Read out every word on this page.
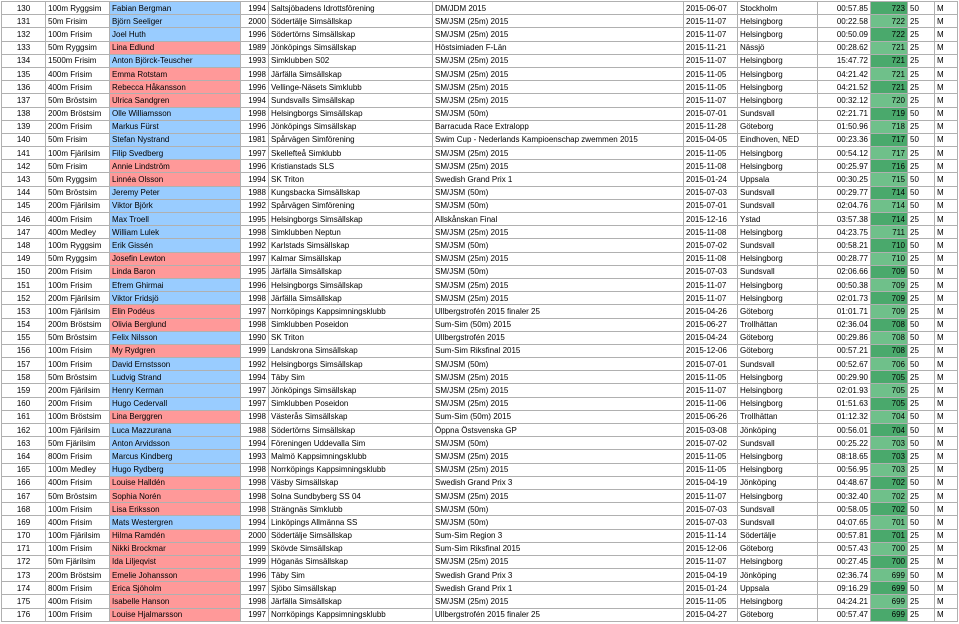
130	100m Ryggsim	Fabian Bergman	1994	Saltsjöbadens Idrottsförening	DM/JDM 2015	2015-06-07	Stockholm	00:57.85	723	50	M
131	50m Frisim	Björn Seeliger	2000	Södertälje Simsällskap	SM/JSM (25m) 2015	2015-11-07	Helsingborg	00:22.58	722	25	M
132	100m Frisim	Joel Huth	1996	Södertörns Simsällskap	SM/JSM (25m) 2015	2015-11-07	Helsingborg	00:50.09	722	25	M
133	50m Ryggsim	Lina Edlund	1989	Jönköpings Simsällskap	Höstsimiaden F-Län	2015-11-21	Nässjö	00:28.62	721	25	M
134	1500m Frisim	Anton Björck-Teuscher	1993	Simklubben S02	SM/JSM (25m) 2015	2015-11-07	Helsingborg	15:47.72	721	25	M
135	400m Frisim	Emma Rotstam	1998	Järfälla Simsällskap	SM/JSM (25m) 2015	2015-11-05	Helsingborg	04:21.42	721	25	M
136	400m Frisim	Rebecca Håkansson	1996	Vellinge-Näsets Simklubb	SM/JSM (25m) 2015	2015-11-05	Helsingborg	04:21.52	721	25	M
137	50m Bröstsim	Ulrica Sandgren	1994	Sundsvalls Simsällskap	SM/JSM (25m) 2015	2015-11-07	Helsingborg	00:32.12	720	25	M
138	200m Bröstsim	Olle Williamsson	1998	Helsingborgs Simsällskap	SM/JSM (50m)	2015-07-01	Sundsvall	02:21.71	719	50	M
139	200m Frisim	Markus Fürst	1996	Jönköpings Simsällskap	Barracuda Race Extralopp	2015-11-28	Göteborg	01:50.96	718	25	M
140	50m Frisim	Stefan Nystrand	1981	Spårvägen Simförening	Swim Cup - Nederlands Kampioenschap zwemmen 2015	2015-04-05	Eindhoven, NED	00:23.36	717	50	M
141	100m Fjärilsim	Filip Svedberg	1997	Skellefteå Simklubb	SM/JSM (25m) 2015	2015-11-05	Helsingborg	00:54.12	717	25	M
142	50m Frisim	Annie Lindström	1996	Kristianstads SLS	SM/JSM (25m) 2015	2015-11-08	Helsingborg	00:25.97	716	25	M
143	50m Ryggsim	Linnéa Olsson	1994	SK Triton	Swedish Grand Prix 1	2015-01-24	Uppsala	00:30.25	715	50	M
144	50m Bröstsim	Jeremy Peter	1988	Kungsbacka Simsällskap	SM/JSM (50m)	2015-07-03	Sundsvall	00:29.77	714	50	M
145	200m Fjärilsim	Viktor Björk	1992	Spårvägen Simförening	SM/JSM (50m)	2015-07-01	Sundsvall	02:04.76	714	50	M
146	400m Frisim	Max Troell	1995	Helsingborgs Simsällskap	Allskånskan Final	2015-12-16	Ystad	03:57.38	714	25	M
147	400m Medley	William Lulek	1998	Simklubben Neptun	SM/JSM (25m) 2015	2015-11-08	Helsingborg	04:23.75	711	25	M
148	100m Ryggsim	Erik Gissén	1992	Karlstads Simsällskap	SM/JSM (50m)	2015-07-02	Sundsvall	00:58.21	710	50	M
149	50m Ryggsim	Josefin Lewton	1997	Kalmar Simsällskap	SM/JSM (25m) 2015	2015-11-08	Helsingborg	00:28.77	710	25	M
150	200m Frisim	Linda Baron	1995	Järfälla Simsällskap	SM/JSM (50m)	2015-07-03	Sundsvall	02:06.66	709	50	M
151	100m Frisim	Efrem Ghirmai	1996	Helsingborgs Simsällskap	SM/JSM (25m) 2015	2015-11-07	Helsingborg	00:50.38	709	25	M
152	200m Fjärilsim	Viktor Fridsjö	1998	Järfälla Simsällskap	SM/JSM (25m) 2015	2015-11-07	Helsingborg	02:01.73	709	25	M
153	100m Fjärilsim	Elin Podéus	1997	Norrköpings Kappsimningsklubb	Ullbergstrofén 2015 finaler 25	2015-04-26	Göteborg	01:01.71	709	25	M
154	200m Bröstsim	Olivia Berglund	1998	Simklubben Poseidon	Sum-Sim (50m) 2015	2015-06-27	Trollhättan	02:36.04	708	50	M
155	50m Bröstsim	Felix Nilsson	1990	SK Triton	Ullbergstrofén 2015	2015-04-24	Göteborg	00:29.86	708	50	M
156	100m Frisim	My Rydgren	1999	Landskrona Simsällskap	Sum-Sim Riksfinal 2015	2015-12-06	Göteborg	00:57.21	708	25	M
157	100m Frisim	David Ernstsson	1992	Helsingborgs Simsällskap	SM/JSM (50m)	2015-07-01	Sundsvall	00:52.67	706	50	M
158	50m Bröstsim	Ludvig Strand	1994	Täby Sim	SM/JSM (25m) 2015	2015-11-05	Helsingborg	00:29.90	705	25	M
159	200m Fjärilsim	Henry Kerman	1997	Jönköpings Simsällskap	SM/JSM (25m) 2015	2015-11-07	Helsingborg	02:01.93	705	25	M
160	200m Frisim	Hugo Cedervall	1997	Simklubben Poseidon	SM/JSM (25m) 2015	2015-11-06	Helsingborg	01:51.63	705	25	M
161	100m Bröstsim	Lina Berggren	1998	Västerås Simsällskap	Sum-Sim (50m) 2015	2015-06-26	Trollhättan	01:12.32	704	50	M
162	100m Fjärilsim	Luca Mazzurana	1988	Södertörns Simsällskap	Öppna Östsvenska GP	2015-03-08	Jönköping	00:56.01	704	50	M
163	50m Fjärilsim	Anton Arvidsson	1994	Föreningen Uddevalla Sim	SM/JSM (50m)	2015-07-02	Sundsvall	00:25.22	703	50	M
164	800m Frisim	Marcus Kindberg	1993	Malmö Kappsimningsklubb	SM/JSM (25m) 2015	2015-11-05	Helsingborg	08:18.65	703	25	M
165	100m Medley	Hugo Rydberg	1998	Norrköpings Kappsimningsklubb	SM/JSM (25m) 2015	2015-11-05	Helsingborg	00:56.95	703	25	M
166	400m Frisim	Louise Halldén	1998	Väsby Simsällskap	Swedish Grand Prix 3	2015-04-19	Jönköping	04:48.67	702	50	M
167	50m Bröstsim	Sophia Norén	1998	Solna Sundbyberg SS 04	SM/JSM (25m) 2015	2015-11-07	Helsingborg	00:32.40	702	25	M
168	100m Frisim	Lisa Eriksson	1998	Strängnäs Simklubb	SM/JSM (50m)	2015-07-03	Sundsvall	00:58.05	702	50	M
169	400m Frisim	Mats Westergren	1994	Linköpings Allmänna SS	SM/JSM (50m)	2015-07-03	Sundsvall	04:07.65	701	50	M
170	100m Fjärilsim	Hilma Ramdén	2000	Södertälje Simsällskap	Sum-Sim Region 3	2015-11-14	Södertälje	00:57.81	701	25	M
171	100m Frisim	Nikki Brockmar	1999	Skövde Simsällskap	Sum-Sim Riksfinal 2015	2015-12-06	Göteborg	00:57.43	700	25	M
172	50m Fjärilsim	Ida Liljeqvist	1999	Höganäs Simsällskap	SM/JSM (25m) 2015	2015-11-07	Helsingborg	00:27.45	700	25	M
173	200m Bröstsim	Emelie Johansson	1996	Täby Sim	Swedish Grand Prix 3	2015-04-19	Jönköping	02:36.74	699	50	M
174	800m Frisim	Erica Sjöholm	1997	Sjöbo Simsällskap	Swedish Grand Prix 1	2015-01-24	Uppsala	09:16.29	699	50	M
175	400m Frisim	Isabelle Hanson	1998	Järfälla Simsällskap	SM/JSM (25m) 2015	2015-11-05	Helsingborg	04:24.21	699	25	M
176	100m Frisim	Louise Hjalmarsson	1997	Norrköpings Kappsimningsklubb	Ullbergstrofén 2015 finaler 25	2015-04-27	Göteborg	00:57.47	699	25	M
